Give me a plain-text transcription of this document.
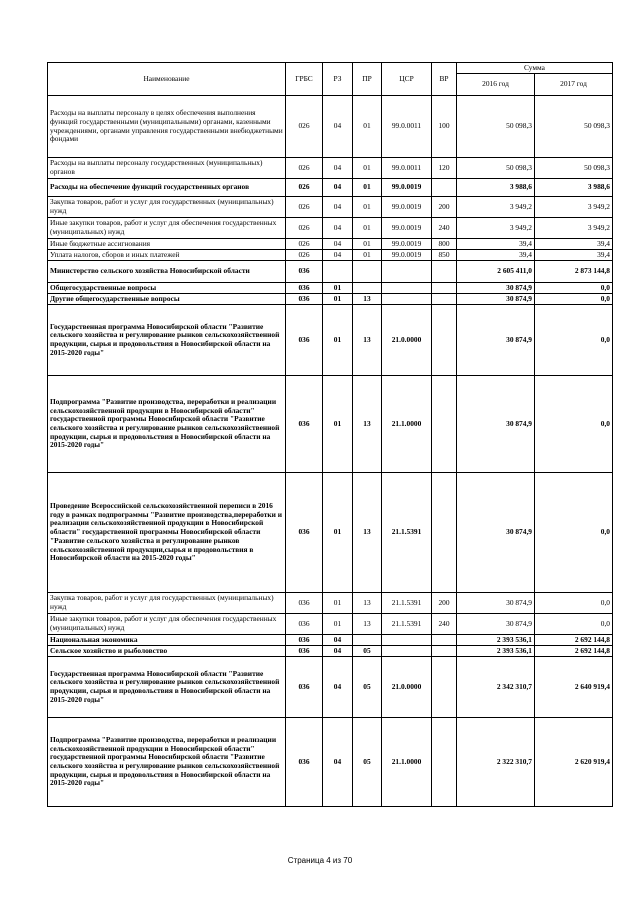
Наименование	ГРБС	РЗ	ПР	ЦСР	ВР	Сумма	
						2016 год	2017 год
Расходы на выплаты персоналу в целях обеспечения выполнения функций государственными (муниципальными) органами, казенными учреждениями, органами управления государственными внебюджетными фондами	026	04	01	99.0.0011	100	50 098,3	50 098,3
Расходы на выплаты персоналу государственных (муниципальных) органов	026	04	01	99.0.0011	120	50 098,3	50 098,3
Расходы на обеспечение функций государственных органов	026	04	01	99.0.0019		3 988,6	3 988,6
Закупка товаров, работ и услуг для государственных (муниципальных) нужд	026	04	01	99.0.0019	200	3 949,2	3 949,2
Иные закупки товаров, работ и услуг для обеспечения государственных (муниципальных) нужд	026	04	01	99.0.0019	240	3 949,2	3 949,2
Иные бюджетные ассигнования	026	04	01	99.0.0019	800	39,4	39,4
Уплата налогов, сборов и иных платежей	026	04	01	99.0.0019	850	39,4	39,4
Министерство сельского хозяйства Новосибирской области	036					2 605 411,0	2 873 144,8
Общегосударственные вопросы	036	01				30 874,9	0,0
Другие общегосударственные вопросы	036	01	13			30 874,9	0,0
Государственная программа Новосибирской области "Развитие сельского хозяйства и регулирование рынков сельскохозяйственной продукции, сырья и продовольствия в Новосибирской области на 2015-2020 годы"	036	01	13	21.0.0000		30 874,9	0,0
Подпрограмма "Развитие производства, переработки и реализации сельскохозяйственной продукции в Новосибирской области" государственной программы Новосибирской области "Развитие сельского хозяйства и регулирование рынков сельскохозяйственной продукции, сырья и продовольствия в Новосибирской области на 2015-2020 годы"	036	01	13	21.1.0000		30 874,9	0,0
Проведение Всероссийской сельскохозяйственной переписи в 2016 году в рамках подпрограммы "Развитие производства,переработки и реализации сельскохозяйственной продукции в Новосибирской области" государственной программы Новосибирской области "Развитие сельского хозяйства и регулирование рынков сельскохозяйственной продукции,сырья и продовольствия в Новосибирской области на 2015-2020 годы"	036	01	13	21.1.5391		30 874,9	0,0
Закупка товаров, работ и услуг для государственных (муниципальных) нужд	036	01	13	21.1.5391	200	30 874,9	0,0
Иные закупки товаров, работ и услуг для обеспечения государственных (муниципальных) нужд	036	01	13	21.1.5391	240	30 874,9	0,0
Национальная экономика	036	04				2 393 536,1	2 692 144,8
Сельское хозяйство и рыболовство	036	04	05			2 393 536,1	2 692 144,8
Государственная программа Новосибирской области "Развитие сельского хозяйства и регулирование рынков сельскохозяйственной продукции, сырья и продовольствия в Новосибирской области на 2015-2020 годы"	036	04	05	21.0.0000		2 342 310,7	2 640 919,4
Подпрограмма "Развитие производства, переработки и реализации сельскохозяйственной продукции в Новосибирской области" государственной программы Новосибирской области "Развитие сельского хозяйства и регулирование рынков сельскохозяйственной продукции, сырья и продовольствия в Новосибирской области на 2015-2020 годы"	036	04	05	21.1.0000		2 322 310,7	2 620 919,4
Страница 4 из 70
